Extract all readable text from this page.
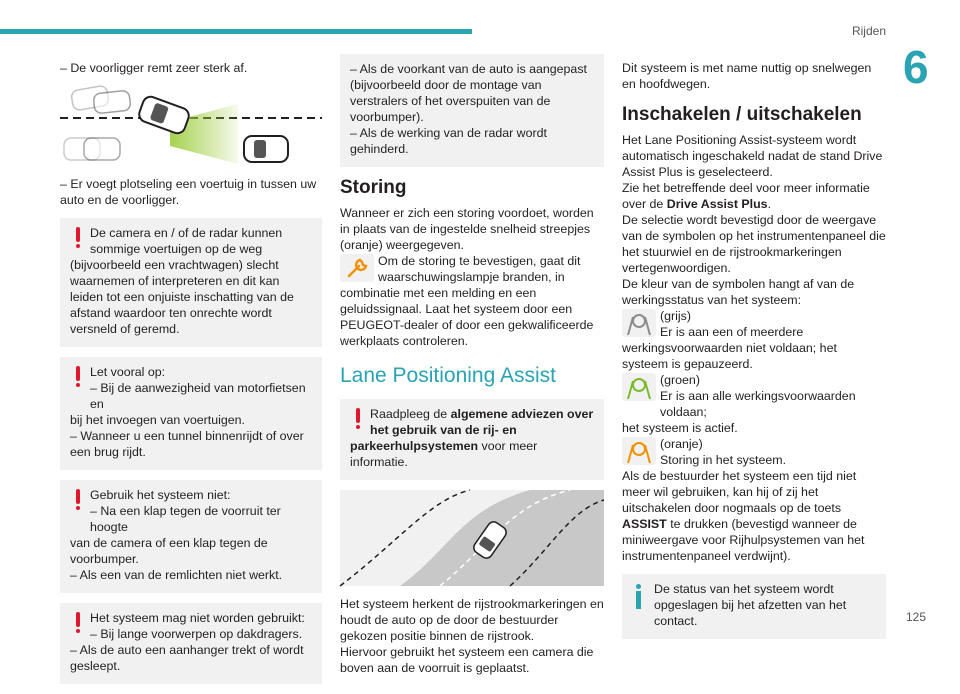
Rijden
6
125

– De voorligger remt zeer sterk af.

– Er voegt plotseling een voertuig in tussen uw auto en de voorligger.

De camera en / of de radar kunnen sommige voertuigen op de weg

(bijvoorbeeld een vrachtwagen) slecht waarnemen of interpreteren en dit kan leiden tot een onjuiste inschatting van de afstand waardoor ten onrechte wordt versneld of geremd.

Let vooral op:

– Bij de aanwezigheid van motorfietsen en

bij het invoegen van voertuigen.

– Wanneer u een tunnel binnenrijdt of over een brug rijdt.

Gebruik het systeem niet:

– Na een klap tegen de voorruit ter hoogte

van de camera of een klap tegen de voorbumper.

– Als een van de remlichten niet werkt.

Het systeem mag niet worden gebruikt:

– Bij lange voorwerpen op dakdragers.

– Als de auto een aanhanger trekt of wordt gesleept.

– Als de voorkant van de auto is aangepast (bijvoorbeeld door de montage van verstralers of het overspuiten van de voorbumper).

– Als de werking van de radar wordt gehinderd.

Storing

Wanneer er zich een storing voordoet, worden in plaats van de ingestelde snelheid streepjes (oranje) weergegeven.

Om de storing te bevestigen, gaat dit waarschuwingslampje branden, in

combinatie met een melding en een geluidssignaal. Laat het systeem door een PEUGEOT-dealer of door een gekwalificeerde werkplaats controleren.

Lane Positioning Assist

Raadpleeg de algemene adviezen over het gebruik van de rij- en

parkeerhulpsystemen voor meer informatie.

Het systeem herkent de rijstrookmarkeringen en houdt de auto op de door de bestuurder gekozen positie binnen de rijstrook.

Hiervoor gebruikt het systeem een camera die boven aan de voorruit is geplaatst.

Dit systeem is met name nuttig op snelwegen en hoofdwegen.

Inschakelen / uitschakelen

Het Lane Positioning Assist-systeem wordt automatisch ingeschakeld nadat de stand Drive Assist Plus is geselecteerd.

Zie het betreffende deel voor meer informatie over de Drive Assist Plus.

De selectie wordt bevestigd door de weergave van de symbolen op het instrumentenpaneel die het stuurwiel en de rijstrookmarkeringen vertegenwoordigen.

De kleur van de symbolen hangt af van de werkingsstatus van het systeem:

(grijs)

Er is aan een of meerdere

werkingsvoorwaarden niet voldaan; het systeem is gepauzeerd.

(groen)

Er is aan alle werkingsvoorwaarden voldaan;

het systeem is actief.

(oranje)

Storing in het systeem.

Als de bestuurder het systeem een tijd niet meer wil gebruiken, kan hij of zij het uitschakelen door nogmaals op de toets ASSIST te drukken (bevestigd wanneer de miniweergave voor Rijhulpsystemen van het instrumentenpaneel verdwijnt).

De status van het systeem wordt opgeslagen bij het afzetten van het contact.
